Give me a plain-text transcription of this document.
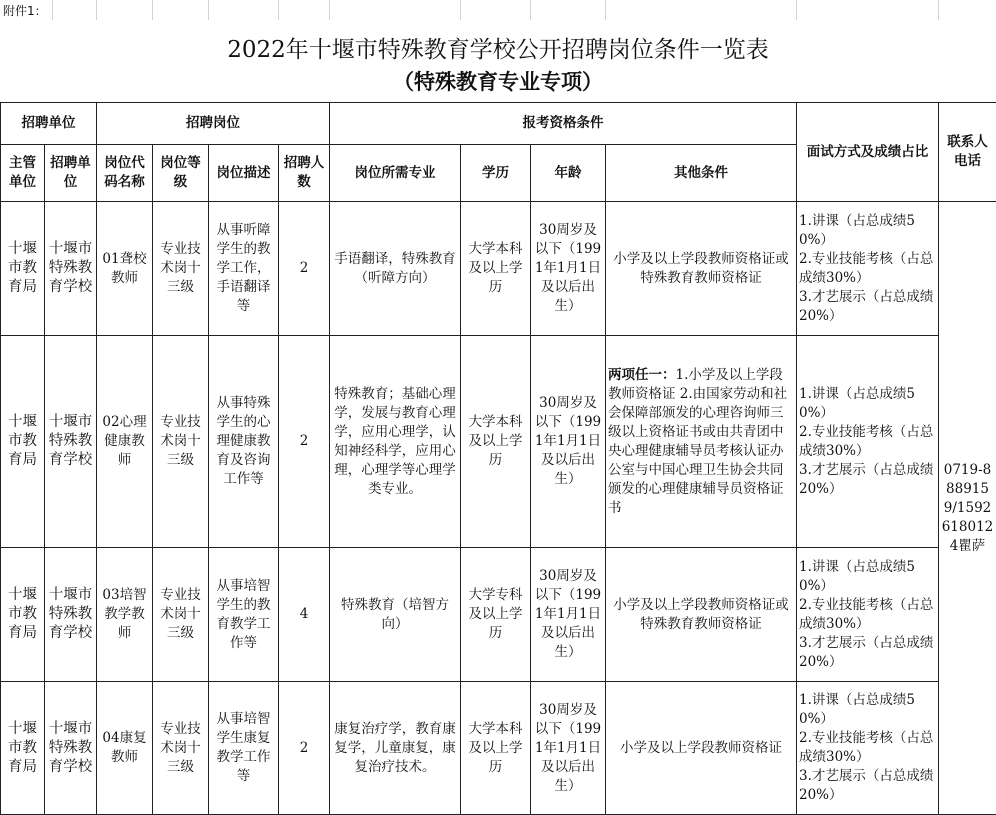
附件1：
2022年十堰市特殊教育学校公开招聘岗位条件一览表
（特殊教育专业专项）
招聘单位		招聘岗位				报考资格条件				面试方式及成绩占比	联系人电话
主管单位	招聘单位	岗位代码名称	岗位等级	岗位描述	招聘人数	岗位所需专业	学历	年龄	其他条件		
十堰市教育局	十堰市特殊教育学校	01聋校教师	专业技术岗十三级	从事听障学生的教学工作，手语翻译等	2	手语翻译，特殊教育（听障方向）	大学本科及以上学历	30周岁及以下（1991年1月1日及以后出生）	小学及以上学段教师资格证或特殊教育教师资格证	1.讲课（占总成绩50%）
2.专业技能考核（占总成绩30%）
3.才艺展示（占总成绩20%）	0719-8889159/15926180124瞿萨
十堰市教育局	十堰市特殊教育学校	02心理健康教师	专业技术岗十三级	从事特殊学生的心理健康教育及咨询工作等	2	特殊教育；基础心理学，发展与教育心理学，应用心理学，认知神经科学，应用心理，心理学等心理学类专业。	大学本科及以上学历	30周岁及以下（1991年1月1日及以后出生）	两项任一：1.小学及以上学段教师资格证 2.由国家劳动和社会保障部颁发的心理咨询师三级以上资格证书或由共青团中央心理健康辅导员考核认证办公室与中国心理卫生协会共同颁发的心理健康辅导员资格证书	1.讲课（占总成绩50%）
2.专业技能考核（占总成绩30%）
3.才艺展示（占总成绩20%）	

十堰市教育局	十堰市特殊教育学校	03培智教学教师	专业技术岗十三级	从事培智学生的教育教学工作等	4	特殊教育（培智方向）	大学专科及以上学历	30周岁及以下（1991年1月1日及以后出生）	小学及以上学段教师资格证或特殊教育教师资格证	1.讲课（占总成绩50%）
2.专业技能考核（占总成绩30%）
3.才艺展示（占总成绩20%）	

十堰市教育局	十堰市特殊教育学校	04康复教师	专业技术岗十三级	从事培智学生康复教学工作等	2	康复治疗学，教育康复学，儿童康复，康复治疗技术。	大学本科及以上学历	30周岁及以下（1991年1月1日及以后出生）	小学及以上学段教师资格证	1.讲课（占总成绩50%）
2.专业技能考核（占总成绩30%）
3.才艺展示（占总成绩20%）	
